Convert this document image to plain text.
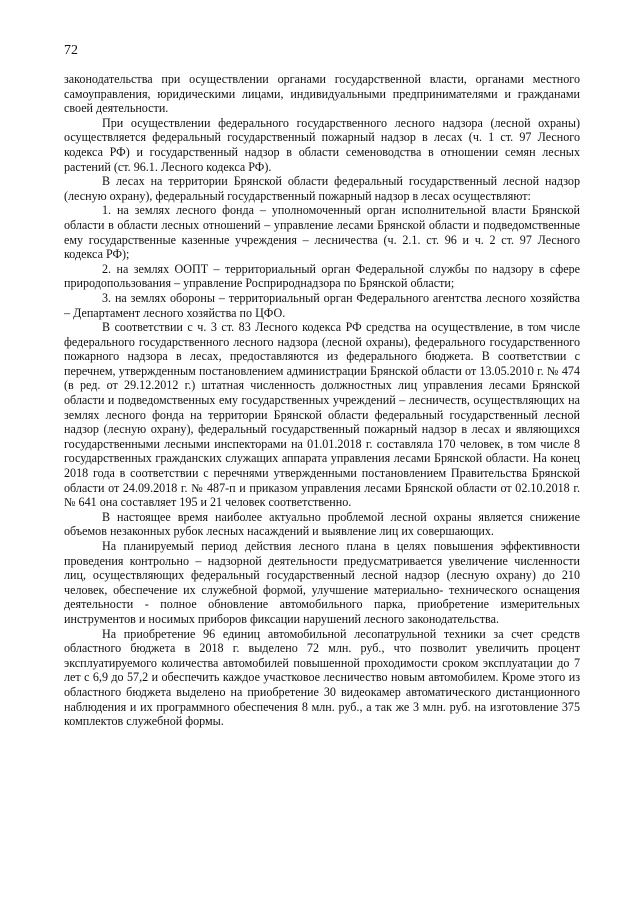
72

законодательства при осуществлении органами государственной власти, органами местного самоуправления, юридическими лицами, индивидуальными предпринимателями и гражданами своей деятельности.

При осуществлении федерального государственного лесного надзора (лесной охраны) осуществляется федеральный государственный пожарный надзор в лесах (ч. 1 ст. 97 Лесного кодекса РФ) и государственный надзор в области семеноводства в отношении семян лесных растений (ст. 96.1. Лесного кодекса РФ).

В лесах на территории Брянской области федеральный государственный лесной надзор (лесную охрану), федеральный государственный пожарный надзор в лесах осуществляют:

1. на землях лесного фонда – уполномоченный орган исполнительной власти Брянской области в области лесных отношений – управление лесами Брянской области и подведомственные ему государственные казенные учреждения – лесничества (ч. 2.1. ст. 96 и ч. 2 ст. 97 Лесного кодекса РФ);

2. на землях ООПТ – территориальный орган Федеральной службы по надзору в сфере природопользования – управление Росприроднадзора по Брянской области;

3. на землях обороны – территориальный орган Федерального агентства лесного хозяйства – Департамент лесного хозяйства по ЦФО.

В соответствии с ч. 3 ст. 83 Лесного кодекса РФ средства на осуществление, в том числе федерального государственного лесного надзора (лесной охраны), федерального государственного пожарного надзора в лесах, предоставляются из федерального бюджета. В соответствии с перечнем, утвержденным постановлением администрации Брянской области от 13.05.2010 г. № 474 (в ред. от 29.12.2012 г.) штатная численность должностных лиц управления лесами Брянской области и подведомственных ему государственных учреждений – лесничеств, осуществляющих на землях лесного фонда на территории Брянской области федеральный государственный лесной надзор (лесную охрану), федеральный государственный пожарный надзор в лесах и являющихся государственными лесными инспекторами на 01.01.2018 г. составляла 170 человек, в том числе 8 государственных гражданских служащих аппарата управления лесами Брянской области. На конец 2018 года в соответствии с перечнями утвержденными постановлением Правительства Брянской области от 24.09.2018 г. № 487-п и приказом управления лесами Брянской области от 02.10.2018 г. № 641 она составляет 195 и 21 человек соответственно.

В настоящее время наиболее актуально проблемой лесной охраны является снижение объемов незаконных рубок лесных насаждений и выявление лиц их совершающих.

На планируемый период действия лесного плана в целях повышения эффективности проведения контрольно – надзорной деятельности предусматривается увеличение численности лиц, осуществляющих федеральный государственный лесной надзор (лесную охрану) до 210 человек, обеспечение их служебной формой, улучшение материально- технического оснащения деятельности - полное обновление автомобильного парка, приобретение измерительных инструментов и носимых приборов фиксации нарушений лесного законодательства.

На приобретение 96 единиц автомобильной лесопатрульной техники за счет средств областного бюджета в 2018 г. выделено 72 млн. руб., что позволит увеличить процент эксплуатируемого количества автомобилей повышенной проходимости сроком эксплуатации до 7 лет с 6,9 до 57,2 и обеспечить каждое участковое лесничество новым автомобилем. Кроме этого из областного бюджета выделено на приобретение 30 видеокамер автоматического дистанционного наблюдения и их программного обеспечения 8 млн. руб., а так же 3 млн. руб. на изготовление 375 комплектов служебной формы.
